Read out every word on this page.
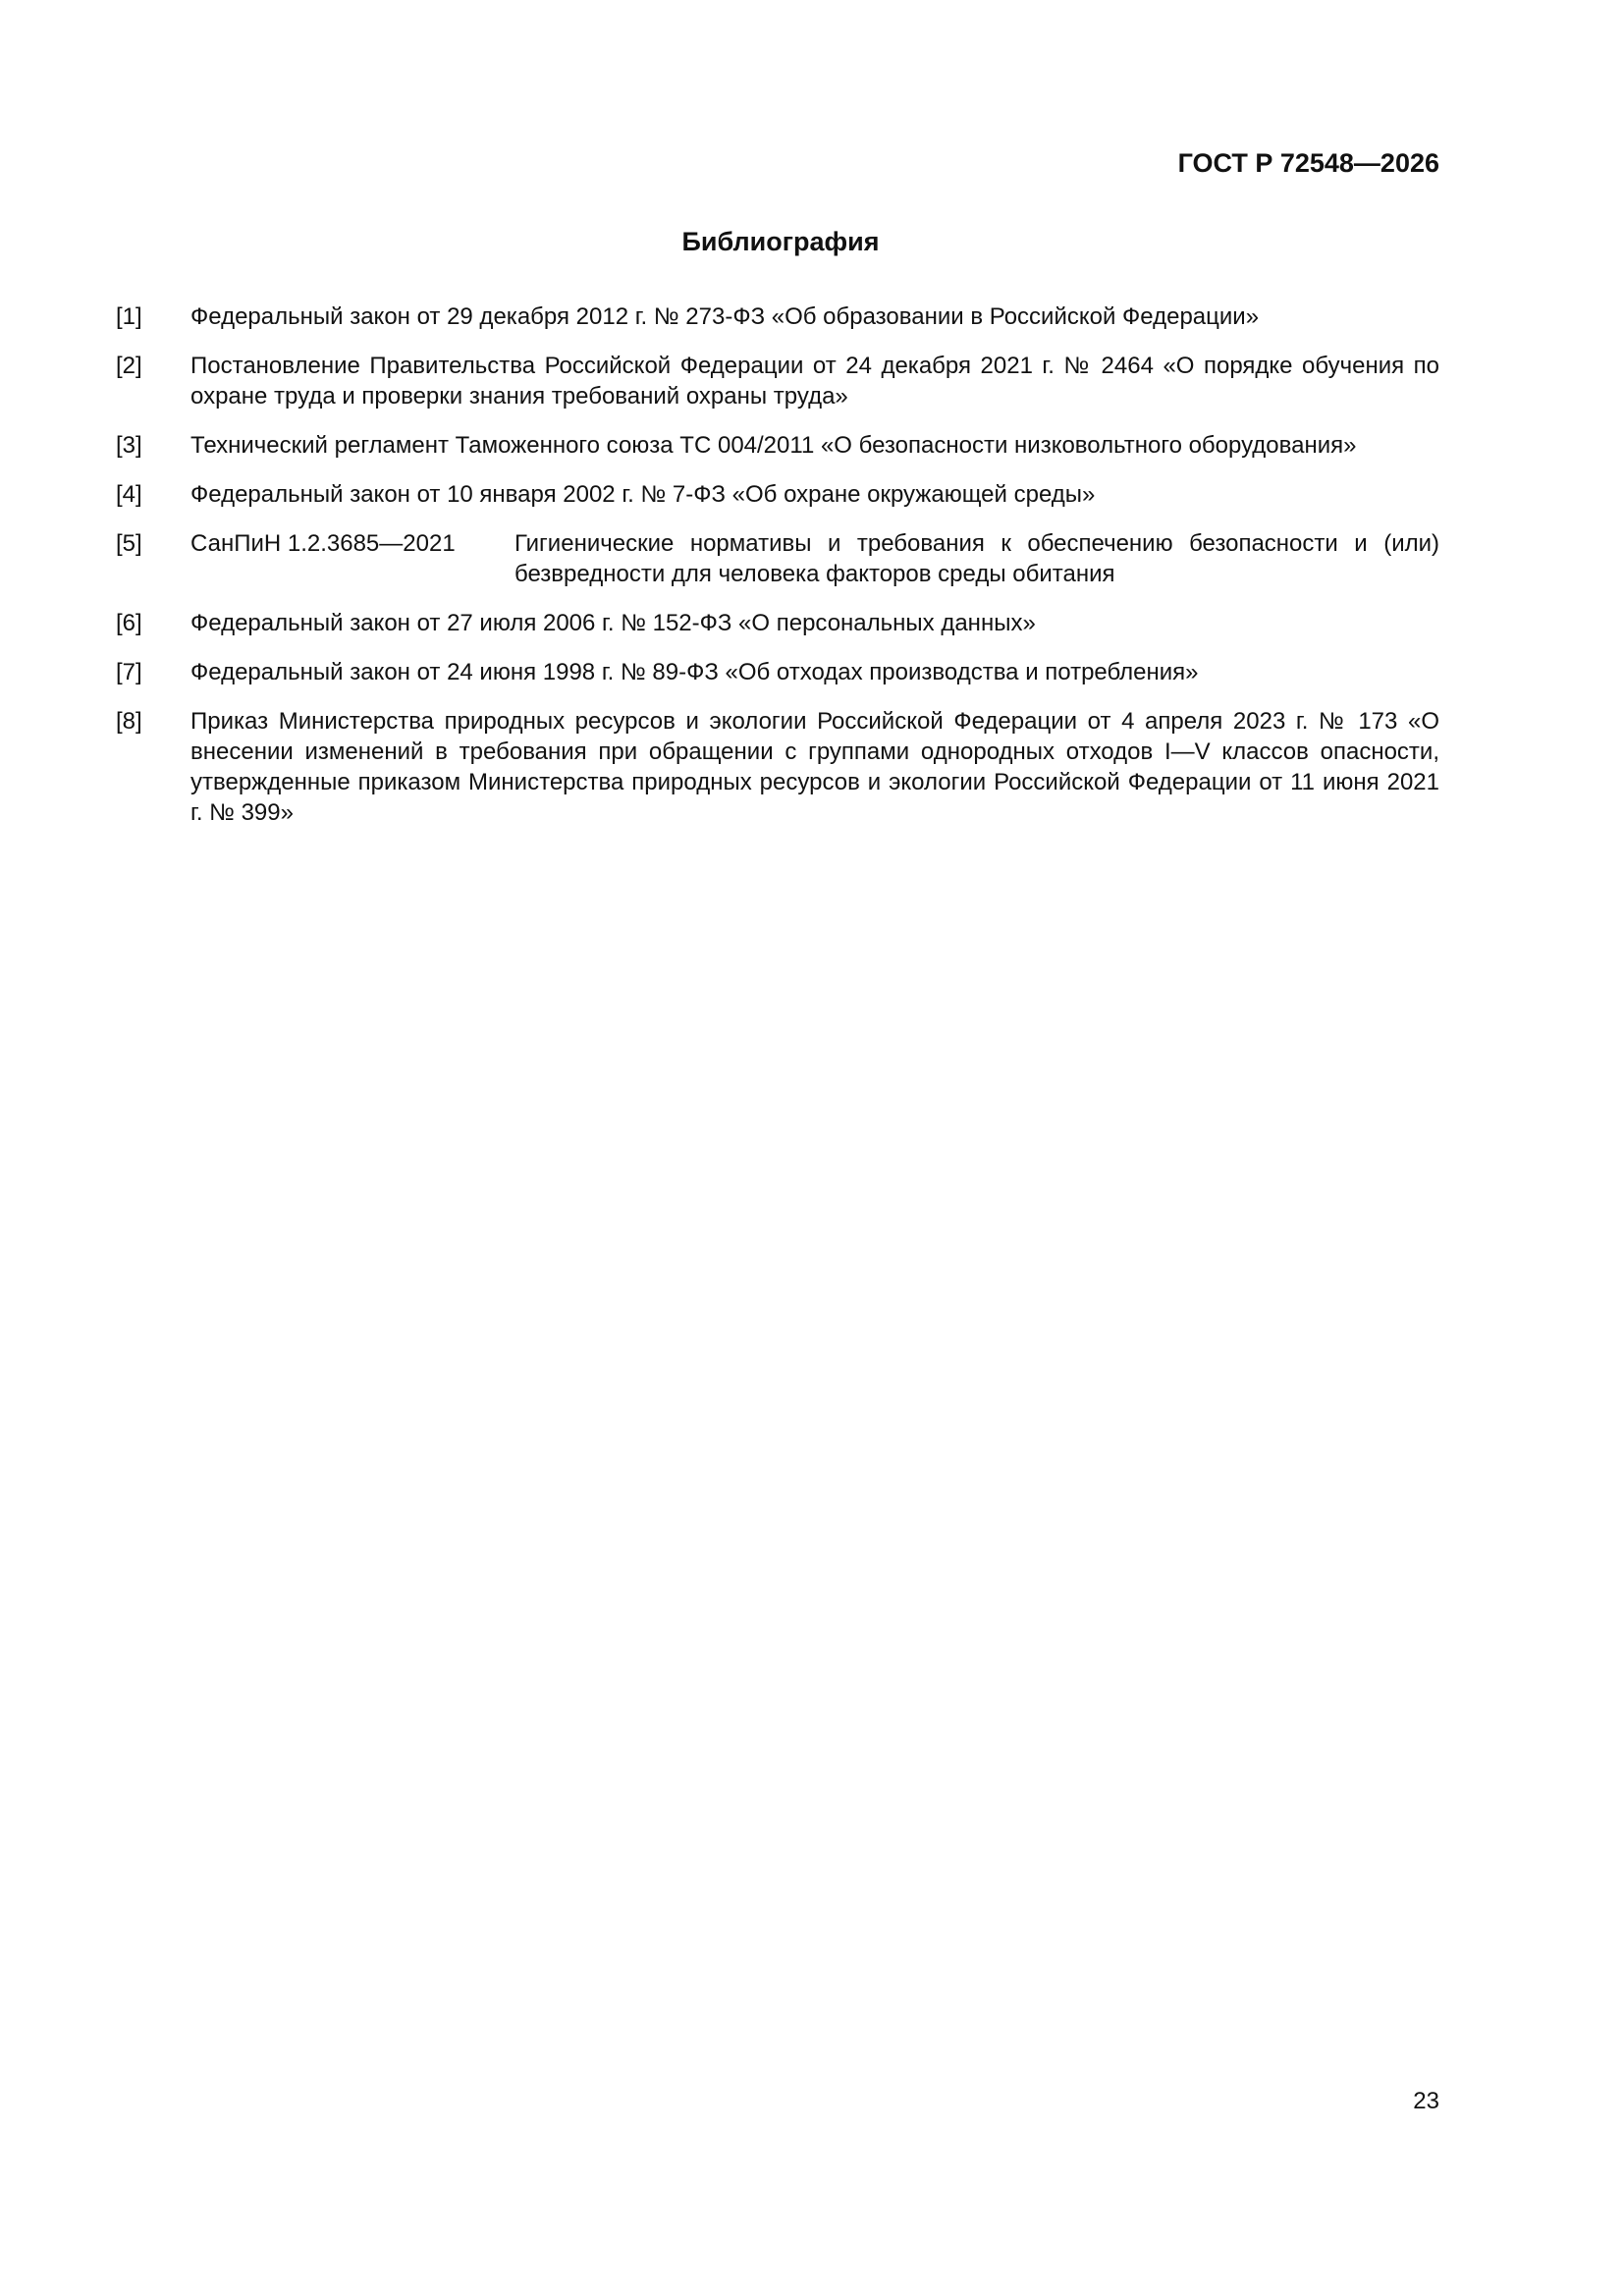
ГОСТ Р 72548—2026
Библиография
[1]	Федеральный закон от 29 декабря 2012 г. № 273-ФЗ «Об образовании в Российской Федерации»
[2]	Постановление Правительства Российской Федерации от 24 декабря 2021 г. № 2464 «О порядке обучения по охране труда и проверки знания требований охраны труда»
[3]	Технический регламент Таможенного союза ТС 004/2011 «О безопасности низковольтного оборудования»
[4]	Федеральный закон от 10 января 2002 г. № 7-ФЗ «Об охране окружающей среды»
[5]	СанПиН 1.2.3685—2021	Гигиенические нормативы и требования к обеспечению безопасности и (или) безвредности для человека факторов среды обитания
[6]	Федеральный закон от 27 июля 2006 г. № 152-ФЗ «О персональных данных»
[7]	Федеральный закон от 24 июня 1998 г. № 89-ФЗ «Об отходах производства и потребления»
[8]	Приказ Министерства природных ресурсов и экологии Российской Федерации от 4 апреля 2023 г. № 173 «О внесении изменений в требования при обращении с группами однородных отходов I—V классов опасности, утвержденные приказом Министерства природных ресурсов и экологии Российской Федерации от 11 июня 2021 г. № 399»
23
